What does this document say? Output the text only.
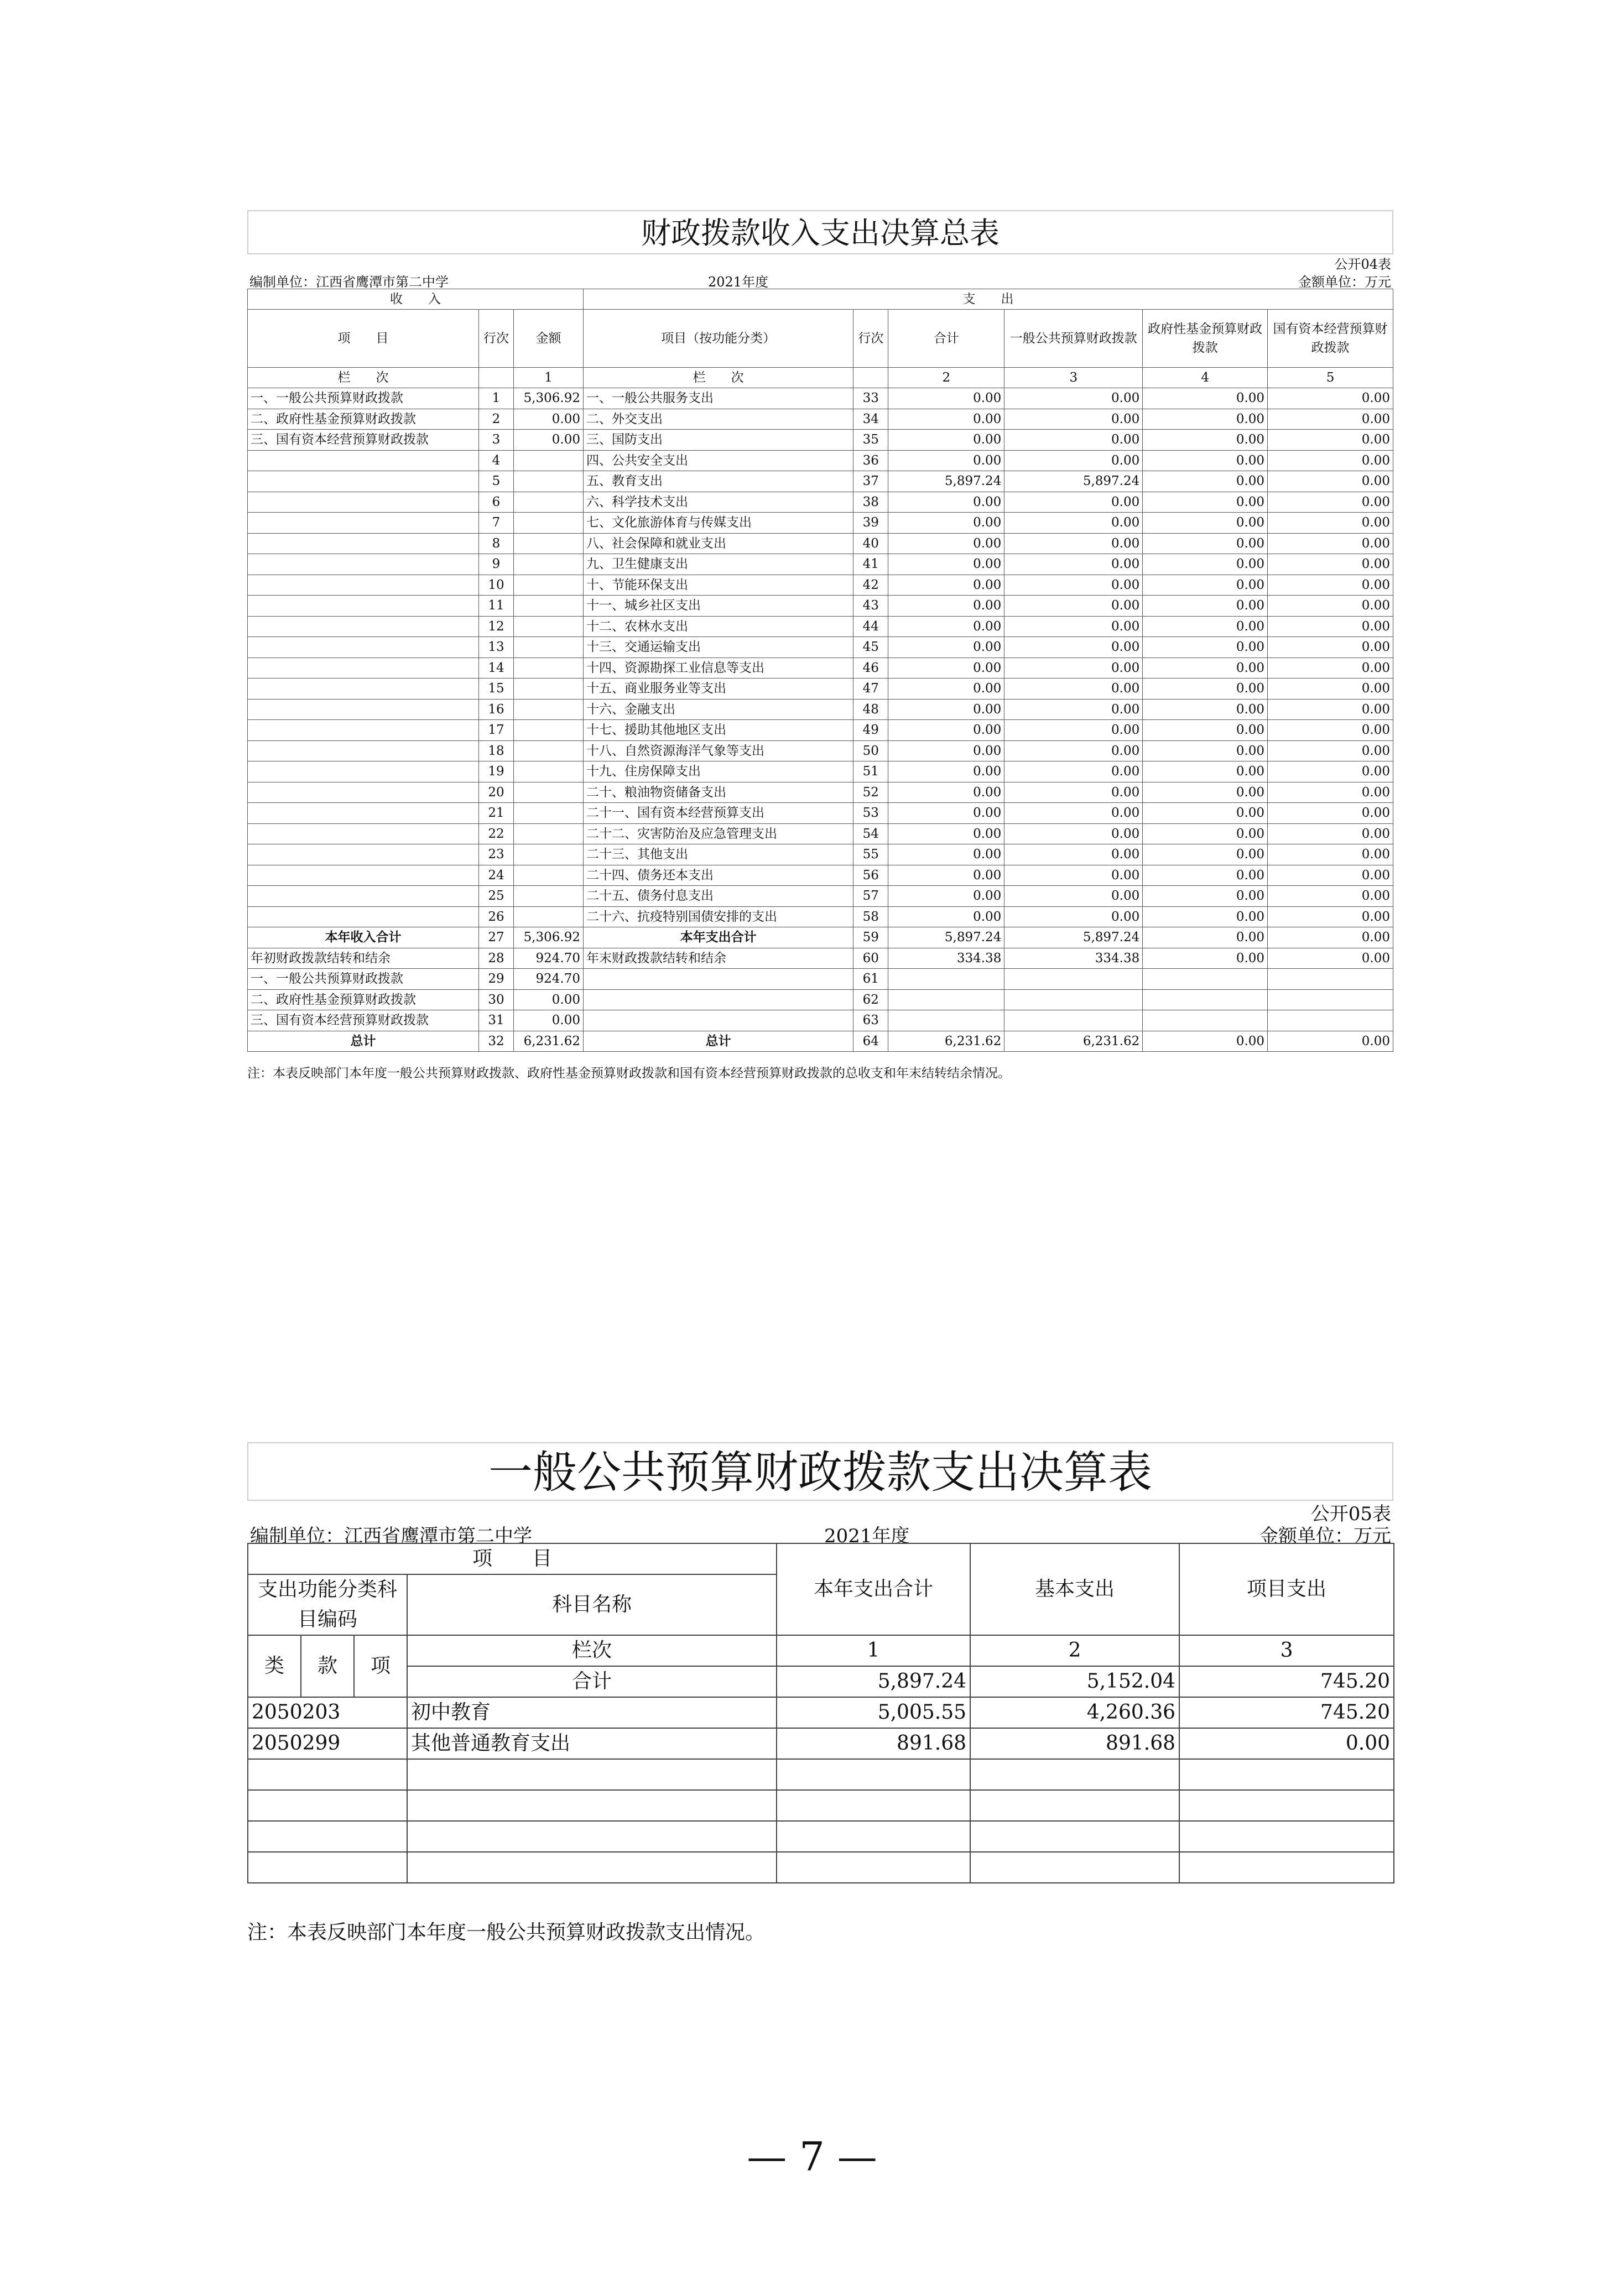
财政拨款收入支出决算总表
公开04表
编制单位：江西省鹰潭市第二中学	2021年度	金额单位：万元
收　　入			支　　出					
项　　目	行次	金额	项目（按功能分类）	行次	合计	一般公共预算财政拨款	政府性基金预算财政拨款	国有资本经营预算财政拨款
栏　　次		1	栏　　次		2	3	4	5
一、一般公共预算财政拨款	1	5,306.92	一、一般公共服务支出	33	0.00	0.00	0.00	0.00
二、政府性基金预算财政拨款	2	0.00	二、外交支出	34	0.00	0.00	0.00	0.00
三、国有资本经营预算财政拨款	3	0.00	三、国防支出	35	0.00	0.00	0.00	0.00
	4		四、公共安全支出	36	0.00	0.00	0.00	0.00
	5		五、教育支出	37	5,897.24	5,897.24	0.00	0.00
	6		六、科学技术支出	38	0.00	0.00	0.00	0.00
	7		七、文化旅游体育与传媒支出	39	0.00	0.00	0.00	0.00
	8		八、社会保障和就业支出	40	0.00	0.00	0.00	0.00
	9		九、卫生健康支出	41	0.00	0.00	0.00	0.00
	10		十、节能环保支出	42	0.00	0.00	0.00	0.00
	11		十一、城乡社区支出	43	0.00	0.00	0.00	0.00
	12		十二、农林水支出	44	0.00	0.00	0.00	0.00
	13		十三、交通运输支出	45	0.00	0.00	0.00	0.00
	14		十四、资源勘探工业信息等支出	46	0.00	0.00	0.00	0.00
	15		十五、商业服务业等支出	47	0.00	0.00	0.00	0.00
	16		十六、金融支出	48	0.00	0.00	0.00	0.00
	17		十七、援助其他地区支出	49	0.00	0.00	0.00	0.00
	18		十八、自然资源海洋气象等支出	50	0.00	0.00	0.00	0.00
	19		十九、住房保障支出	51	0.00	0.00	0.00	0.00
	20		二十、粮油物资储备支出	52	0.00	0.00	0.00	0.00
	21		二十一、国有资本经营预算支出	53	0.00	0.00	0.00	0.00
	22		二十二、灾害防治及应急管理支出	54	0.00	0.00	0.00	0.00
	23		二十三、其他支出	55	0.00	0.00	0.00	0.00
	24		二十四、债务还本支出	56	0.00	0.00	0.00	0.00
	25		二十五、债务付息支出	57	0.00	0.00	0.00	0.00
	26		二十六、抗疫特别国债安排的支出	58	0.00	0.00	0.00	0.00
本年收入合计	27	5,306.92	本年支出合计	59	5,897.24	5,897.24	0.00	0.00
年初财政拨款结转和结余	28	924.70	年末财政拨款结转和结余	60	334.38	334.38	0.00	0.00
一、一般公共预算财政拨款	29	924.70		61				
二、政府性基金预算财政拨款	30	0.00		62				
三、国有资本经营预算财政拨款	31	0.00		63				
总计	32	6,231.62	总计	64	6,231.62	6,231.62	0.00	0.00
注：本表反映部门本年度一般公共预算财政拨款、政府性基金预算财政拨款和国有资本经营预算财政拨款的总收支和年末结转结余情况。
一般公共预算财政拨款支出决算表
公开05表
编制单位：江西省鹰潭市第二中学	2021年度	金额单位：万元
项　　目				本年支出合计	基本支出	项目支出
支出功能分类科目编码			科目名称			

类	款	项	栏次	1	2	3
			合计	5,897.24	5,152.04	745.20
2050203			初中教育	5,005.55	4,260.36	745.20
2050299			其他普通教育支出	891.68	891.68	0.00

注：本表反映部门本年度一般公共预算财政拨款支出情况。
— 7 —
